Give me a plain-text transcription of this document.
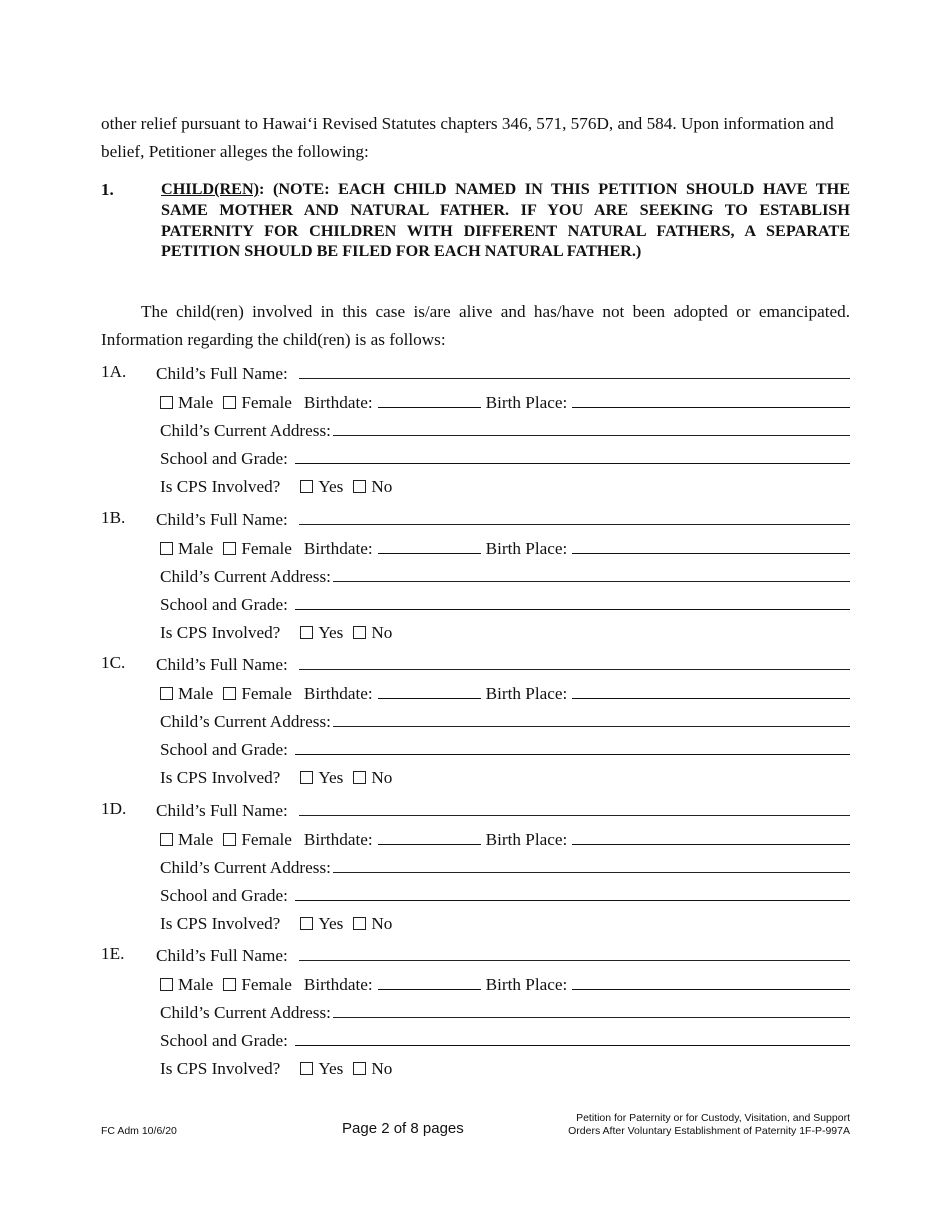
other relief pursuant to Hawai‘i Revised Statutes chapters 346, 571, 576D, and 584. Upon information and belief, Petitioner alleges the following:
1.	CHILD(REN): (NOTE: EACH CHILD NAMED IN THIS PETITION SHOULD HAVE THE SAME MOTHER AND NATURAL FATHER. IF YOU ARE SEEKING TO ESTABLISH PATERNITY FOR CHILDREN WITH DIFFERENT NATURAL FATHERS, A SEPARATE PETITION SHOULD BE FILED FOR EACH NATURAL FATHER.)
The child(ren) involved in this case is/are alive and has/have not been adopted or emancipated. Information regarding the child(ren) is as follows:
1A. Child’s Full Name:
Male Female Birthdate:	Birth Place:
Child’s Current Address:
School and Grade:
Is CPS Involved? Yes No
1B. Child’s Full Name:
Male Female Birthdate:	Birth Place:
Child’s Current Address:
School and Grade:
Is CPS Involved? Yes No
1C. Child’s Full Name:
Male Female Birthdate:	Birth Place:
Child’s Current Address:
School and Grade:
Is CPS Involved? Yes No
1D. Child’s Full Name:
Male Female Birthdate:	Birth Place:
Child’s Current Address:
School and Grade:
Is CPS Involved? Yes No
1E. Child’s Full Name:
Male Female Birthdate:	Birth Place:
Child’s Current Address:
School and Grade:
Is CPS Involved? Yes No
FC Adm 10/6/20	Page 2 of 8 pages
Petition for Paternity or for Custody, Visitation, and Support
Orders After Voluntary Establishment of Paternity 1F-P-997A
